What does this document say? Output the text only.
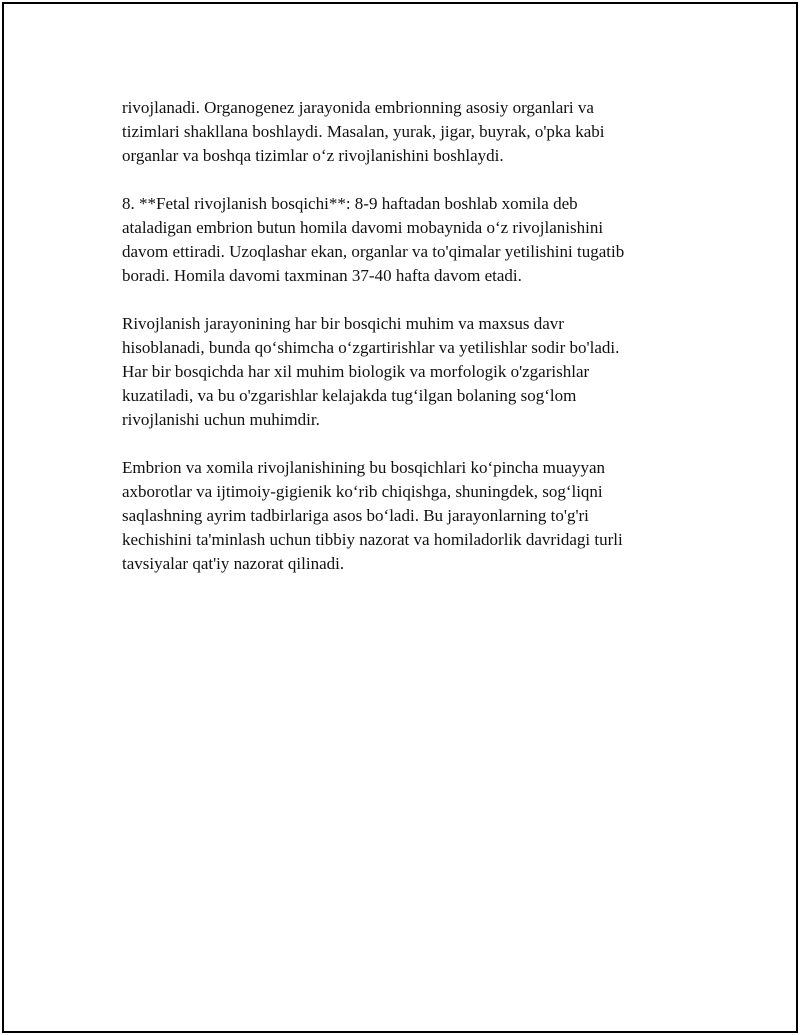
rivojlanadi. Organogenez jarayonida embrionning asosiy organlari va
tizimlari shakllana boshlaydi. Masalan, yurak, jigar, buyrak, o'pka kabi
organlar va boshqa tizimlar o‘z rivojlanishini boshlaydi.

8. **Fetal rivojlanish bosqichi**: 8-9 haftadan boshlab xomila deb
ataladigan embrion butun homila davomi mobaynida o‘z rivojlanishini
davom ettiradi. Uzoqlashar ekan, organlar va to'qimalar yetilishini tugatib
boradi. Homila davomi taxminan 37-40 hafta davom etadi.

Rivojlanish jarayonining har bir bosqichi muhim va maxsus davr
hisoblanadi, bunda qo‘shimcha o‘zgartirishlar va yetilishlar sodir bo'ladi.
Har bir bosqichda har xil muhim biologik va morfologik o'zgarishlar
kuzatiladi, va bu o'zgarishlar kelajakda tug‘ilgan bolaning sog‘lom
rivojlanishi uchun muhimdir.

Embrion va xomila rivojlanishining bu bosqichlari ko‘pincha muayyan
axborotlar va ijtimoiy-gigienik ko‘rib chiqishga, shuningdek, sog‘liqni
saqlashning ayrim tadbirlariga asos bo‘ladi. Bu jarayonlarning to'g'ri
kechishini ta'minlash uchun tibbiy nazorat va homiladorlik davridagi turli
tavsiyalar qat'iy nazorat qilinadi.
